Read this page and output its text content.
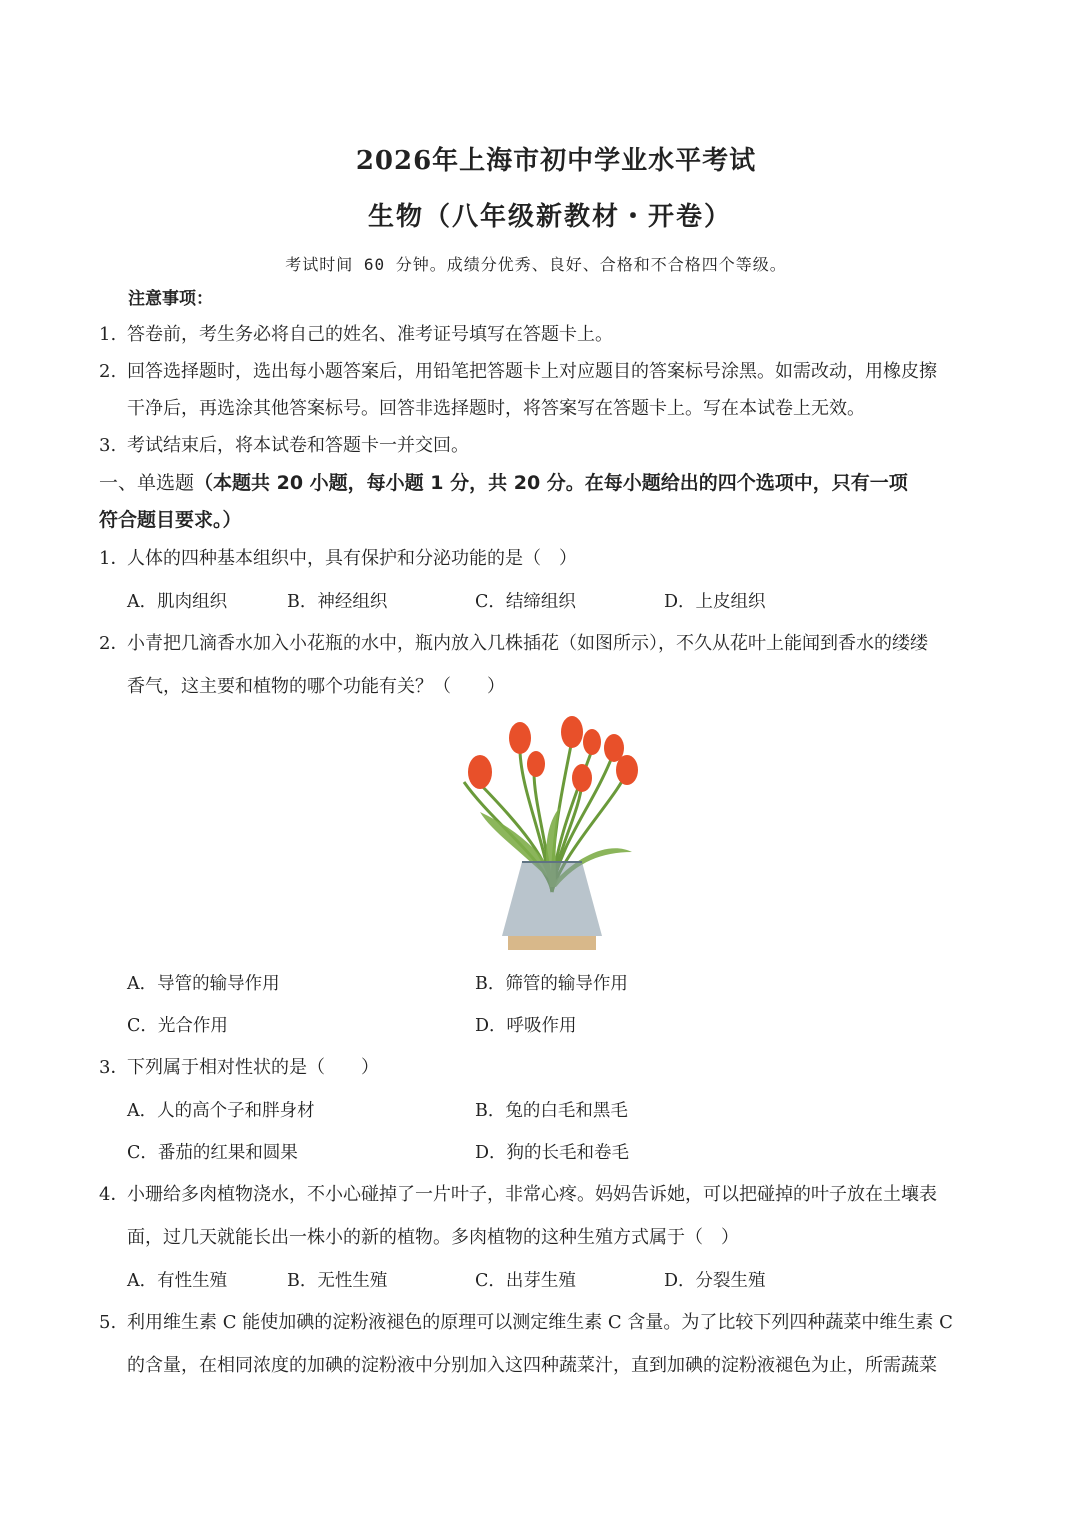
2026年上海市初中学业水平考试
生物（八年级新教材・开卷）
考试时间 60 分钟。成绩分优秀、良好、合格和不合格四个等级。
注意事项：
1. 答卷前，考生务必将自己的姓名、准考证号填写在答题卡上。
2. 回答选择题时，选出每小题答案后，用铅笔把答题卡上对应题目的答案标号涂黑。如需改动，用橡皮擦
干净后，再选涂其他答案标号。回答非选择题时，将答案写在答题卡上。写在本试卷上无效。
3. 考试结束后，将本试卷和答题卡一并交回。
一、单选题（本题共 20 小题，每小题 1 分，共 20 分。在每小题给出的四个选项中，只有一项
符合题目要求。）
1．人体的四种基本组织中，具有保护和分泌功能的是（　）
A．肌肉组织	B．神经组织	C．结缔组织	D．上皮组织
2．小青把几滴香水加入小花瓶的水中，瓶内放入几株插花（如图所示），不久从花叶上能闻到香水的缕缕
香气，这主要和植物的哪个功能有关？（　　）
A．导管的输导作用	B．筛管的输导作用
C．光合作用	D．呼吸作用
3．下列属于相对性状的是（　　）
A．人的高个子和胖身材	B．兔的白毛和黑毛
C．番茄的红果和圆果	D．狗的长毛和卷毛
4．小珊给多肉植物浇水，不小心碰掉了一片叶子，非常心疼。妈妈告诉她，可以把碰掉的叶子放在土壤表
面，过几天就能长出一株小的新的植物。多肉植物的这种生殖方式属于（　）
A．有性生殖	B．无性生殖	C．出芽生殖	D．分裂生殖
5. 利用维生素 C 能使加碘的淀粉液褪色的原理可以测定维生素 C 含量。为了比较下列四种蔬菜中维生素 C
的含量，在相同浓度的加碘的淀粉液中分别加入这四种蔬菜汁，直到加碘的淀粉液褪色为止，所需蔬菜
